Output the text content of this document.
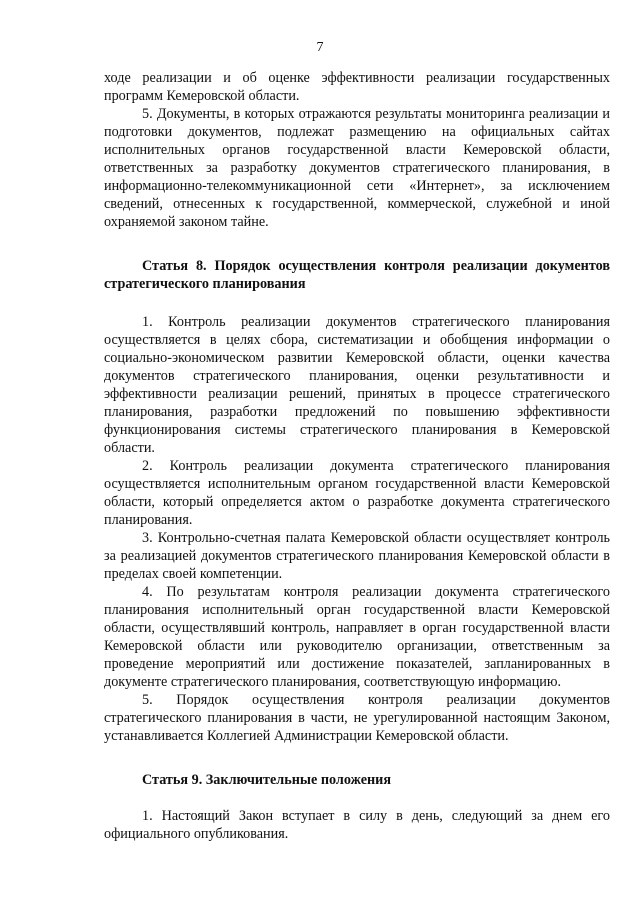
7

ходе реализации и об оценке эффективности реализации государственных программ Кемеровской области.

5. Документы, в которых отражаются результаты мониторинга реализации и подготовки документов, подлежат размещению на официальных сайтах исполнительных органов государственной власти Кемеровской области, ответственных за разработку документов стратегического планирования, в информационно-телекоммуникационной сети «Интернет», за исключением сведений, отнесенных к государственной, коммерческой, служебной и иной охраняемой законом тайне.

Статья 8. Порядок осуществления контроля реализации документов стратегического планирования

1. Контроль реализации документов стратегического планирования осуществляется в целях сбора, систематизации и обобщения информации о социально-экономическом развитии Кемеровской области, оценки качества документов стратегического планирования, оценки результативности и эффективности реализации решений, принятых в процессе стратегического планирования, разработки предложений по повышению эффективности функционирования системы стратегического планирования в Кемеровской области.

2. Контроль реализации документа стратегического планирования осуществляется исполнительным органом государственной власти Кемеровской области, который определяется актом о разработке документа стратегического планирования.

3. Контрольно-счетная палата Кемеровской области осуществляет контроль за реализацией документов стратегического планирования Кемеровской области в пределах своей компетенции.

4. По результатам контроля реализации документа стратегического планирования исполнительный орган государственной власти Кемеровской области, осуществлявший контроль, направляет в орган государственной власти Кемеровской области или руководителю организации, ответственным за проведение мероприятий или достижение показателей, запланированных в документе стратегического планирования, соответствующую информацию.

5. Порядок осуществления контроля реализации документов стратегического планирования в части, не урегулированной настоящим Законом, устанавливается Коллегией Администрации Кемеровской области.

Статья 9. Заключительные положения

1. Настоящий Закон вступает в силу в день, следующий за днем его официального опубликования.
